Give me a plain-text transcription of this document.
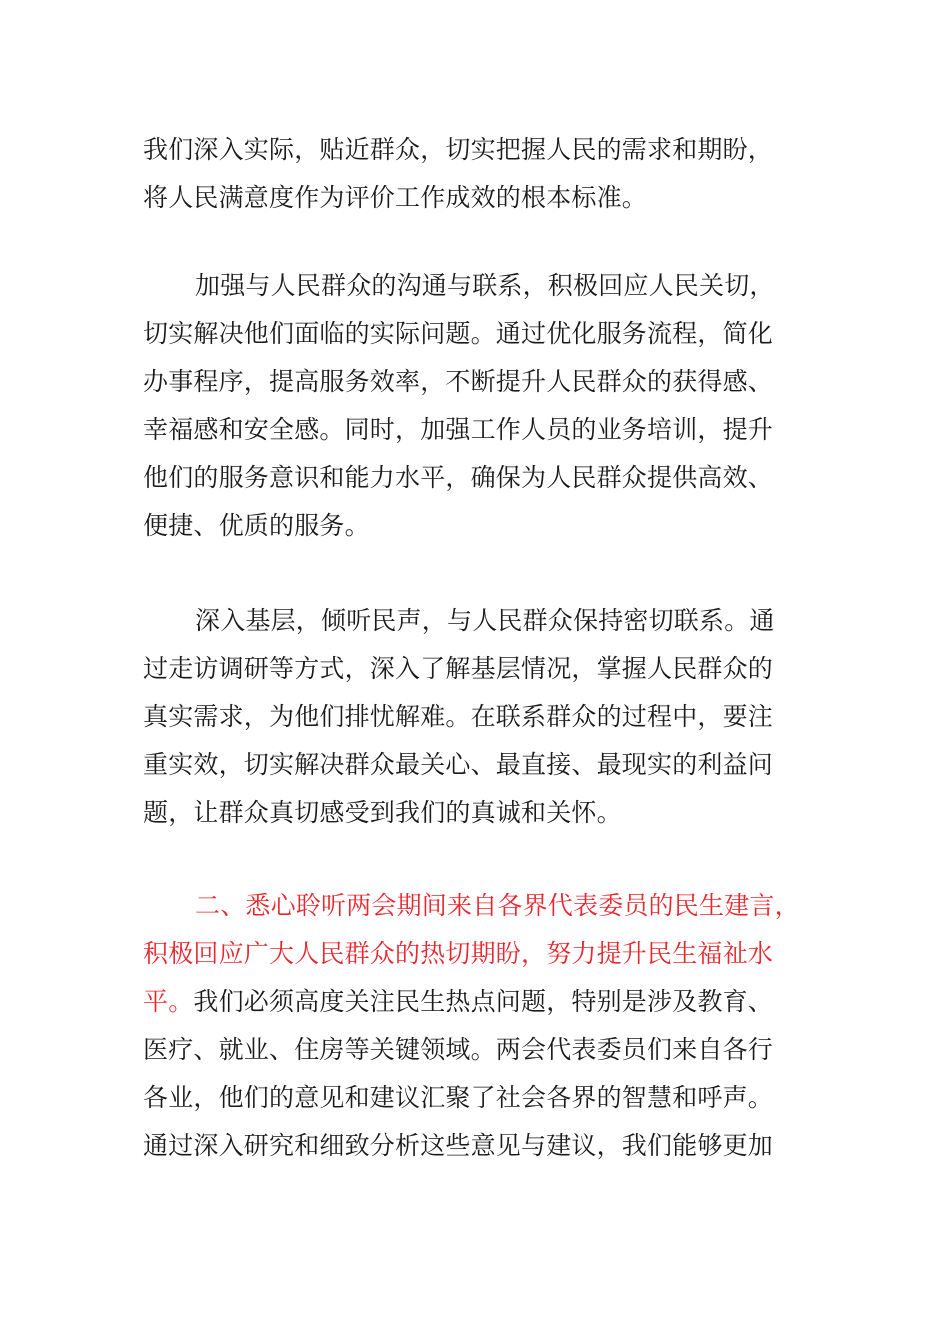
我们深入实际，贴近群众，切实把握人民的需求和期盼，
将人民满意度作为评价工作成效的根本标准。
加强与人民群众的沟通与联系，积极回应人民关切，
切实解决他们面临的实际问题。通过优化服务流程，简化
办事程序，提高服务效率，不断提升人民群众的获得感、
幸福感和安全感。同时，加强工作人员的业务培训，提升
他们的服务意识和能力水平，确保为人民群众提供高效、
便捷、优质的服务。
深入基层，倾听民声，与人民群众保持密切联系。通
过走访调研等方式，深入了解基层情况，掌握人民群众的
真实需求，为他们排忧解难。在联系群众的过程中，要注
重实效，切实解决群众最关心、最直接、最现实的利益问
题，让群众真切感受到我们的真诚和关怀。
二、悉心聆听两会期间来自各界代表委员的民生建言，
积极回应广大人民群众的热切期盼，努力提升民生福祉水
平。我们必须高度关注民生热点问题，特别是涉及教育、
医疗、就业、住房等关键领域。两会代表委员们来自各行
各业，他们的意见和建议汇聚了社会各界的智慧和呼声。
通过深入研究和细致分析这些意见与建议，我们能够更加
